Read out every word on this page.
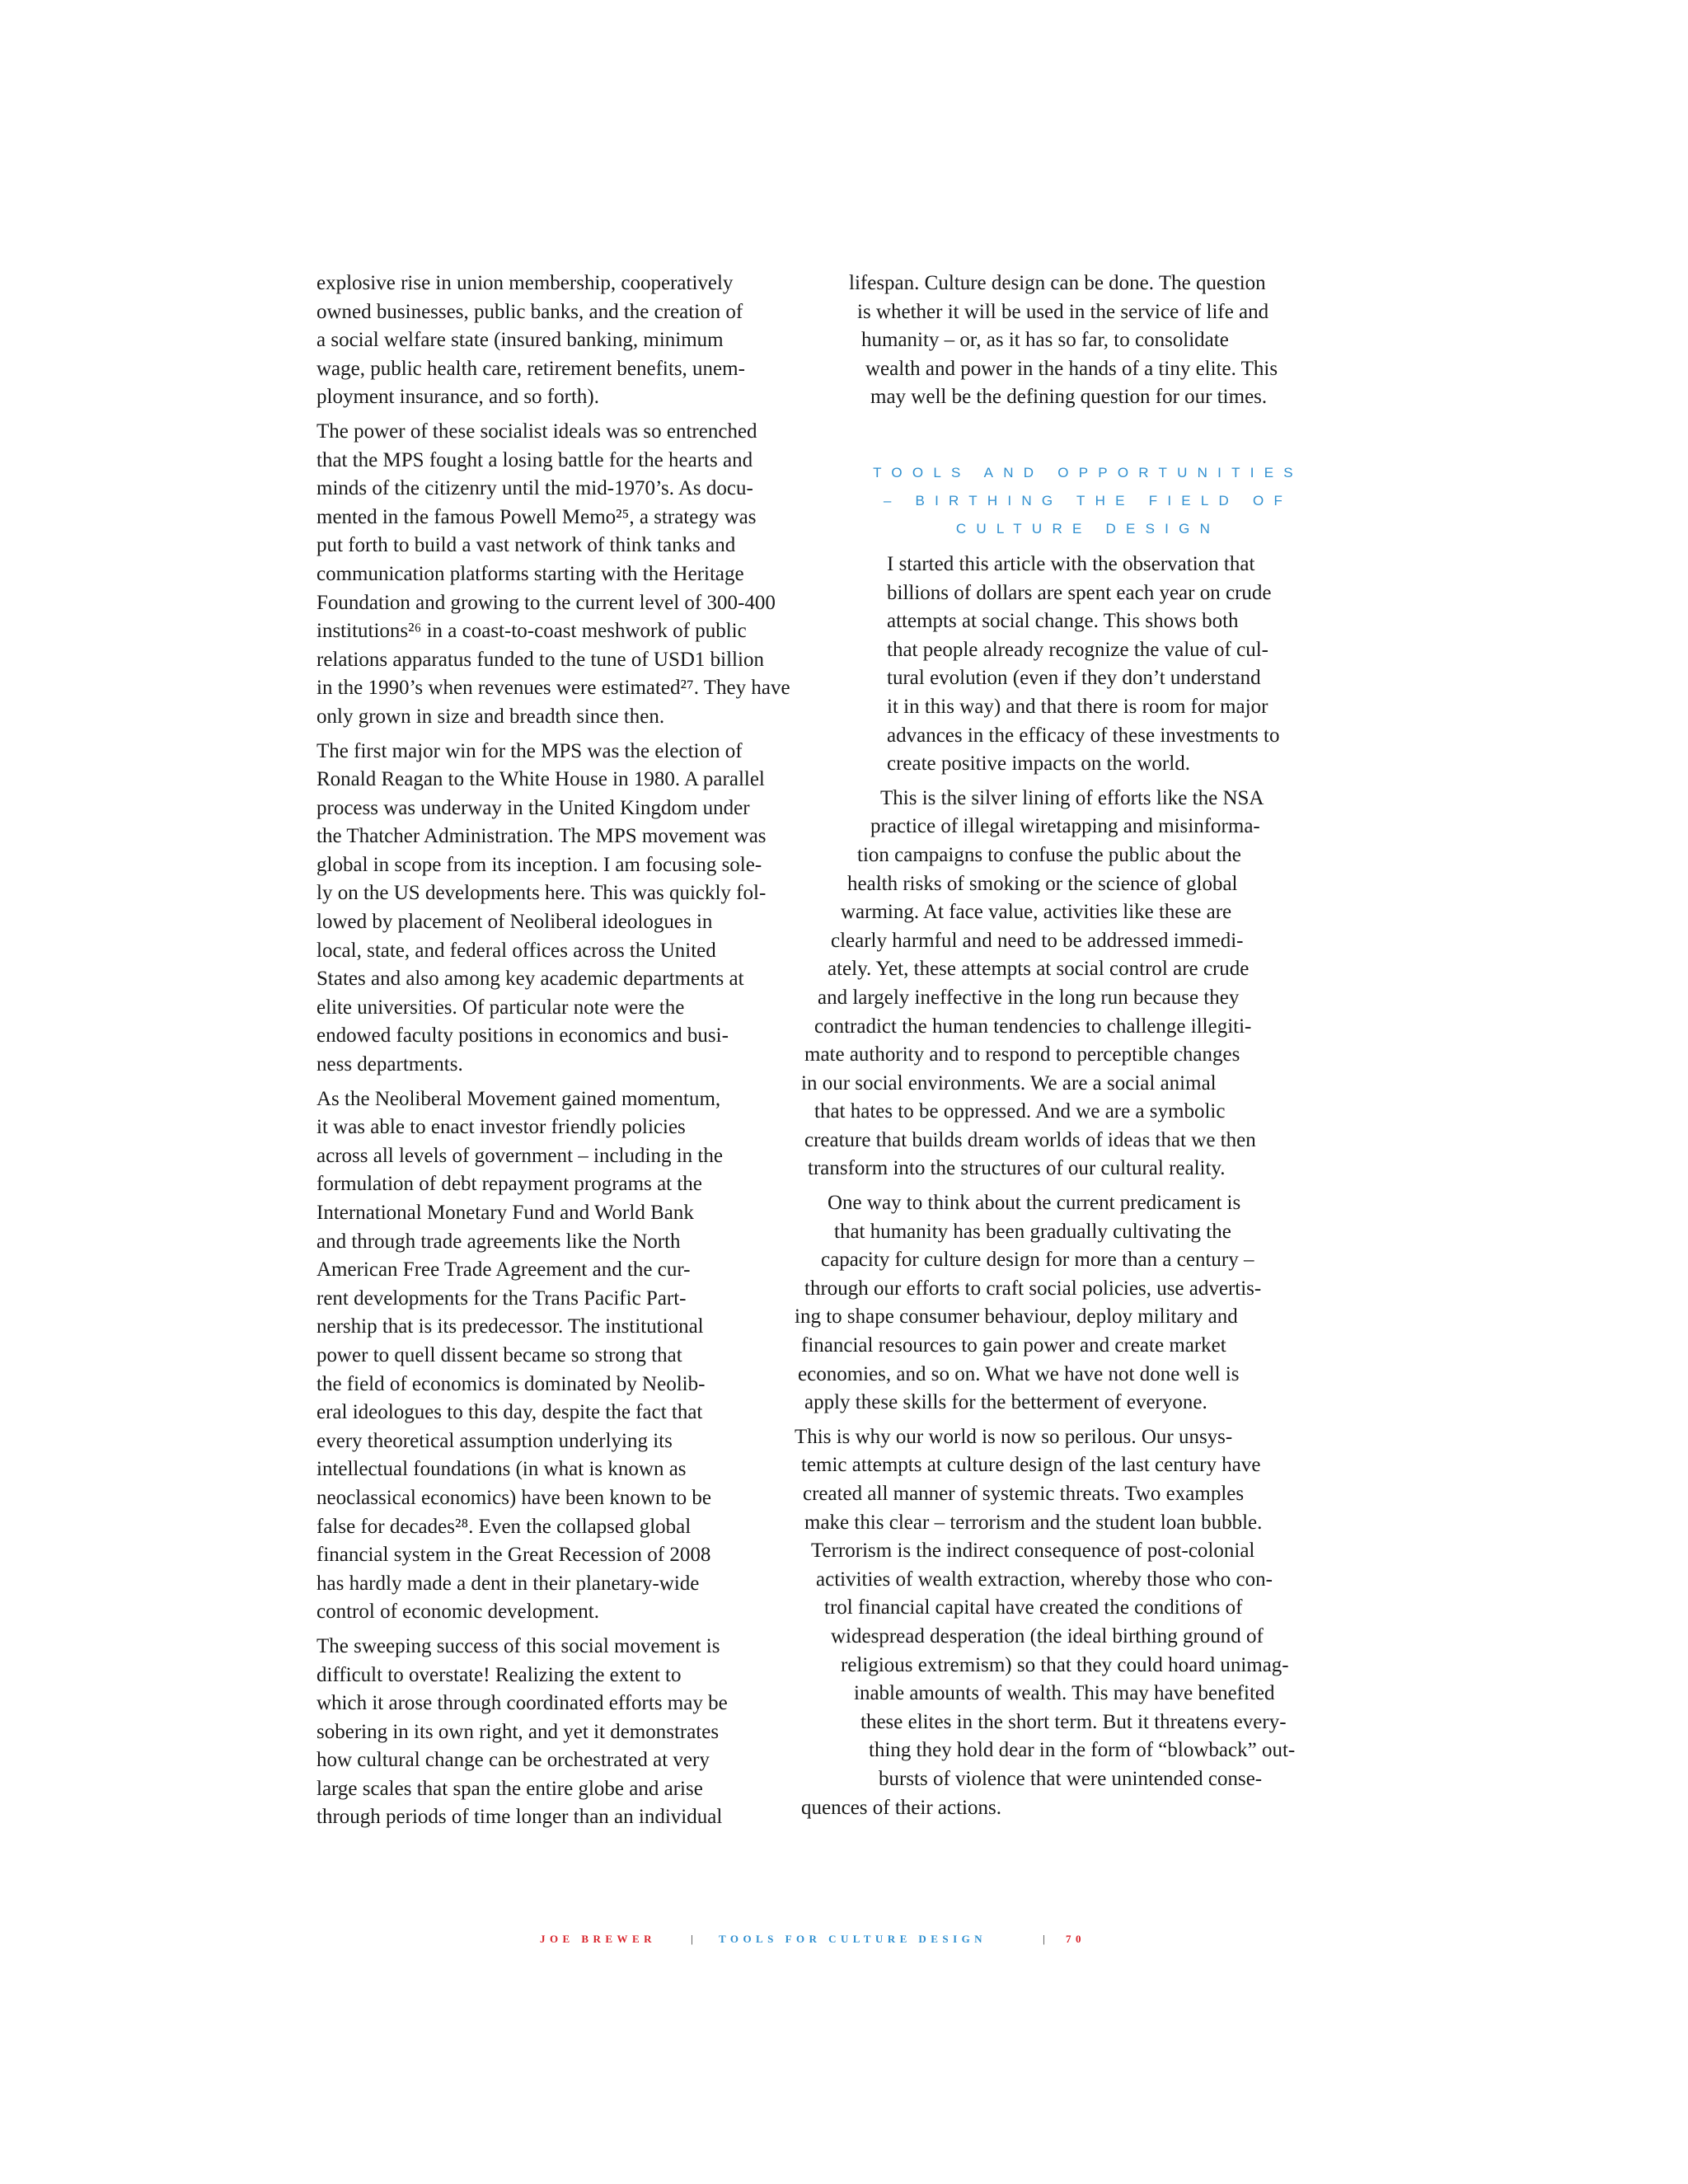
explosive rise in union membership, cooperatively
owned businesses, public banks, and the creation of
a social welfare state (insured banking, minimum
wage, public health care, retirement benefits, unem-
ployment insurance, and so forth).
The power of these socialist ideals was so entrenched
that the MPS fought a losing battle for the hearts and
minds of the citizenry until the mid-1970’s. As docu-
mented in the famous Powell Memo²⁵, a strategy was
put forth to build a vast network of think tanks and
communication platforms starting with the Heritage
Foundation and growing to the current level of 300-400
institutions²⁶ in a coast-to-coast meshwork of public
relations apparatus funded to the tune of USD1 billion
in the 1990’s when revenues were estimated²⁷. They have
only grown in size and breadth since then.
The first major win for the MPS was the election of
Ronald Reagan to the White House in 1980. A parallel
process was underway in the United Kingdom under
the Thatcher Administration. The MPS movement was
global in scope from its inception. I am focusing sole-
ly on the US developments here. This was quickly fol-
lowed by placement of Neoliberal ideologues in
local, state, and federal offices across the United
States and also among key academic departments at
elite universities. Of particular note were the
endowed faculty positions in economics and busi-
ness departments.
As the Neoliberal Movement gained momentum,
it was able to enact investor friendly policies
across all levels of government – including in the
formulation of debt repayment programs at the
International Monetary Fund and World Bank
and through trade agreements like the North
American Free Trade Agreement and the cur-
rent developments for the Trans Pacific Part-
nership that is its predecessor. The institutional
power to quell dissent became so strong that
the field of economics is dominated by Neolib-
eral ideologues to this day, despite the fact that
every theoretical assumption underlying its
intellectual foundations (in what is known as
neoclassical economics) have been known to be
false for decades²⁸. Even the collapsed global
financial system in the Great Recession of 2008
has hardly made a dent in their planetary-wide
control of economic development.
The sweeping success of this social movement is
difficult to overstate! Realizing the extent to
which it arose through coordinated efforts may be
sobering in its own right, and yet it demonstrates
how cultural change can be orchestrated at very
large scales that span the entire globe and arise
through periods of time longer than an individual
lifespan. Culture design can be done. The question
is whether it will be used in the service of life and
humanity – or, as it has so far, to consolidate
wealth and power in the hands of a tiny elite. This
may well be the defining question for our times.
TOOLS AND OPPORTUNITIES
– BIRTHING THE FIELD OF
CULTURE DESIGN
I started this article with the observation that
billions of dollars are spent each year on crude
attempts at social change. This shows both
that people already recognize the value of cul-
tural evolution (even if they don’t understand
it in this way) and that there is room for major
advances in the efficacy of these investments to
create positive impacts on the world.
This is the silver lining of efforts like the NSA
practice of illegal wiretapping and misinforma-
tion campaigns to confuse the public about the
health risks of smoking or the science of global
warming. At face value, activities like these are
clearly harmful and need to be addressed immedi-
ately. Yet, these attempts at social control are crude
and largely ineffective in the long run because they
contradict the human tendencies to challenge illegiti-
mate authority and to respond to perceptible changes
in our social environments. We are a social animal
that hates to be oppressed. And we are a symbolic
creature that builds dream worlds of ideas that we then
transform into the structures of our cultural reality.
One way to think about the current predicament is
that humanity has been gradually cultivating the
capacity for culture design for more than a century –
through our efforts to craft social policies, use advertis-
ing to shape consumer behaviour, deploy military and
financial resources to gain power and create market
economies, and so on. What we have not done well is
apply these skills for the betterment of everyone.
This is why our world is now so perilous. Our unsys-
temic attempts at culture design of the last century have
created all manner of systemic threats. Two examples
make this clear – terrorism and the student loan bubble.
Terrorism is the indirect consequence of post-colonial
activities of wealth extraction, whereby those who con-
trol financial capital have created the conditions of
widespread desperation (the ideal birthing ground of
religious extremism) so that they could hoard unimag-
inable amounts of wealth. This may have benefited
these elites in the short term. But it threatens every-
thing they hold dear in the form of “blowback” out-
bursts of violence that were unintended conse-
quences of their actions.
JOE BREWER	| TOOLS FOR CULTURE DESIGN	| 70
